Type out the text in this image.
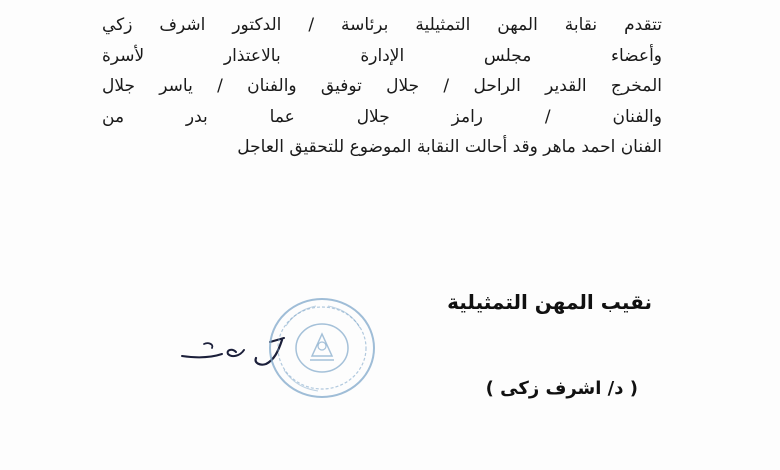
تتقدم نقابة المهن التمثيلية برئاسة / الدكتور اشرف زكي
وأعضاء مجلس الإدارة بالاعتذار لأسرة
المخرج القدير الراحل / جلال توفيق والفنان / ياسر جلال
والفنان / رامز جلال عما بدر من
الفنان احمد ماهر وقد أحالت النقابة الموضوع للتحقيق العاجل
نقيب المهن التمثيلية
( د/ اشرف زكى )
